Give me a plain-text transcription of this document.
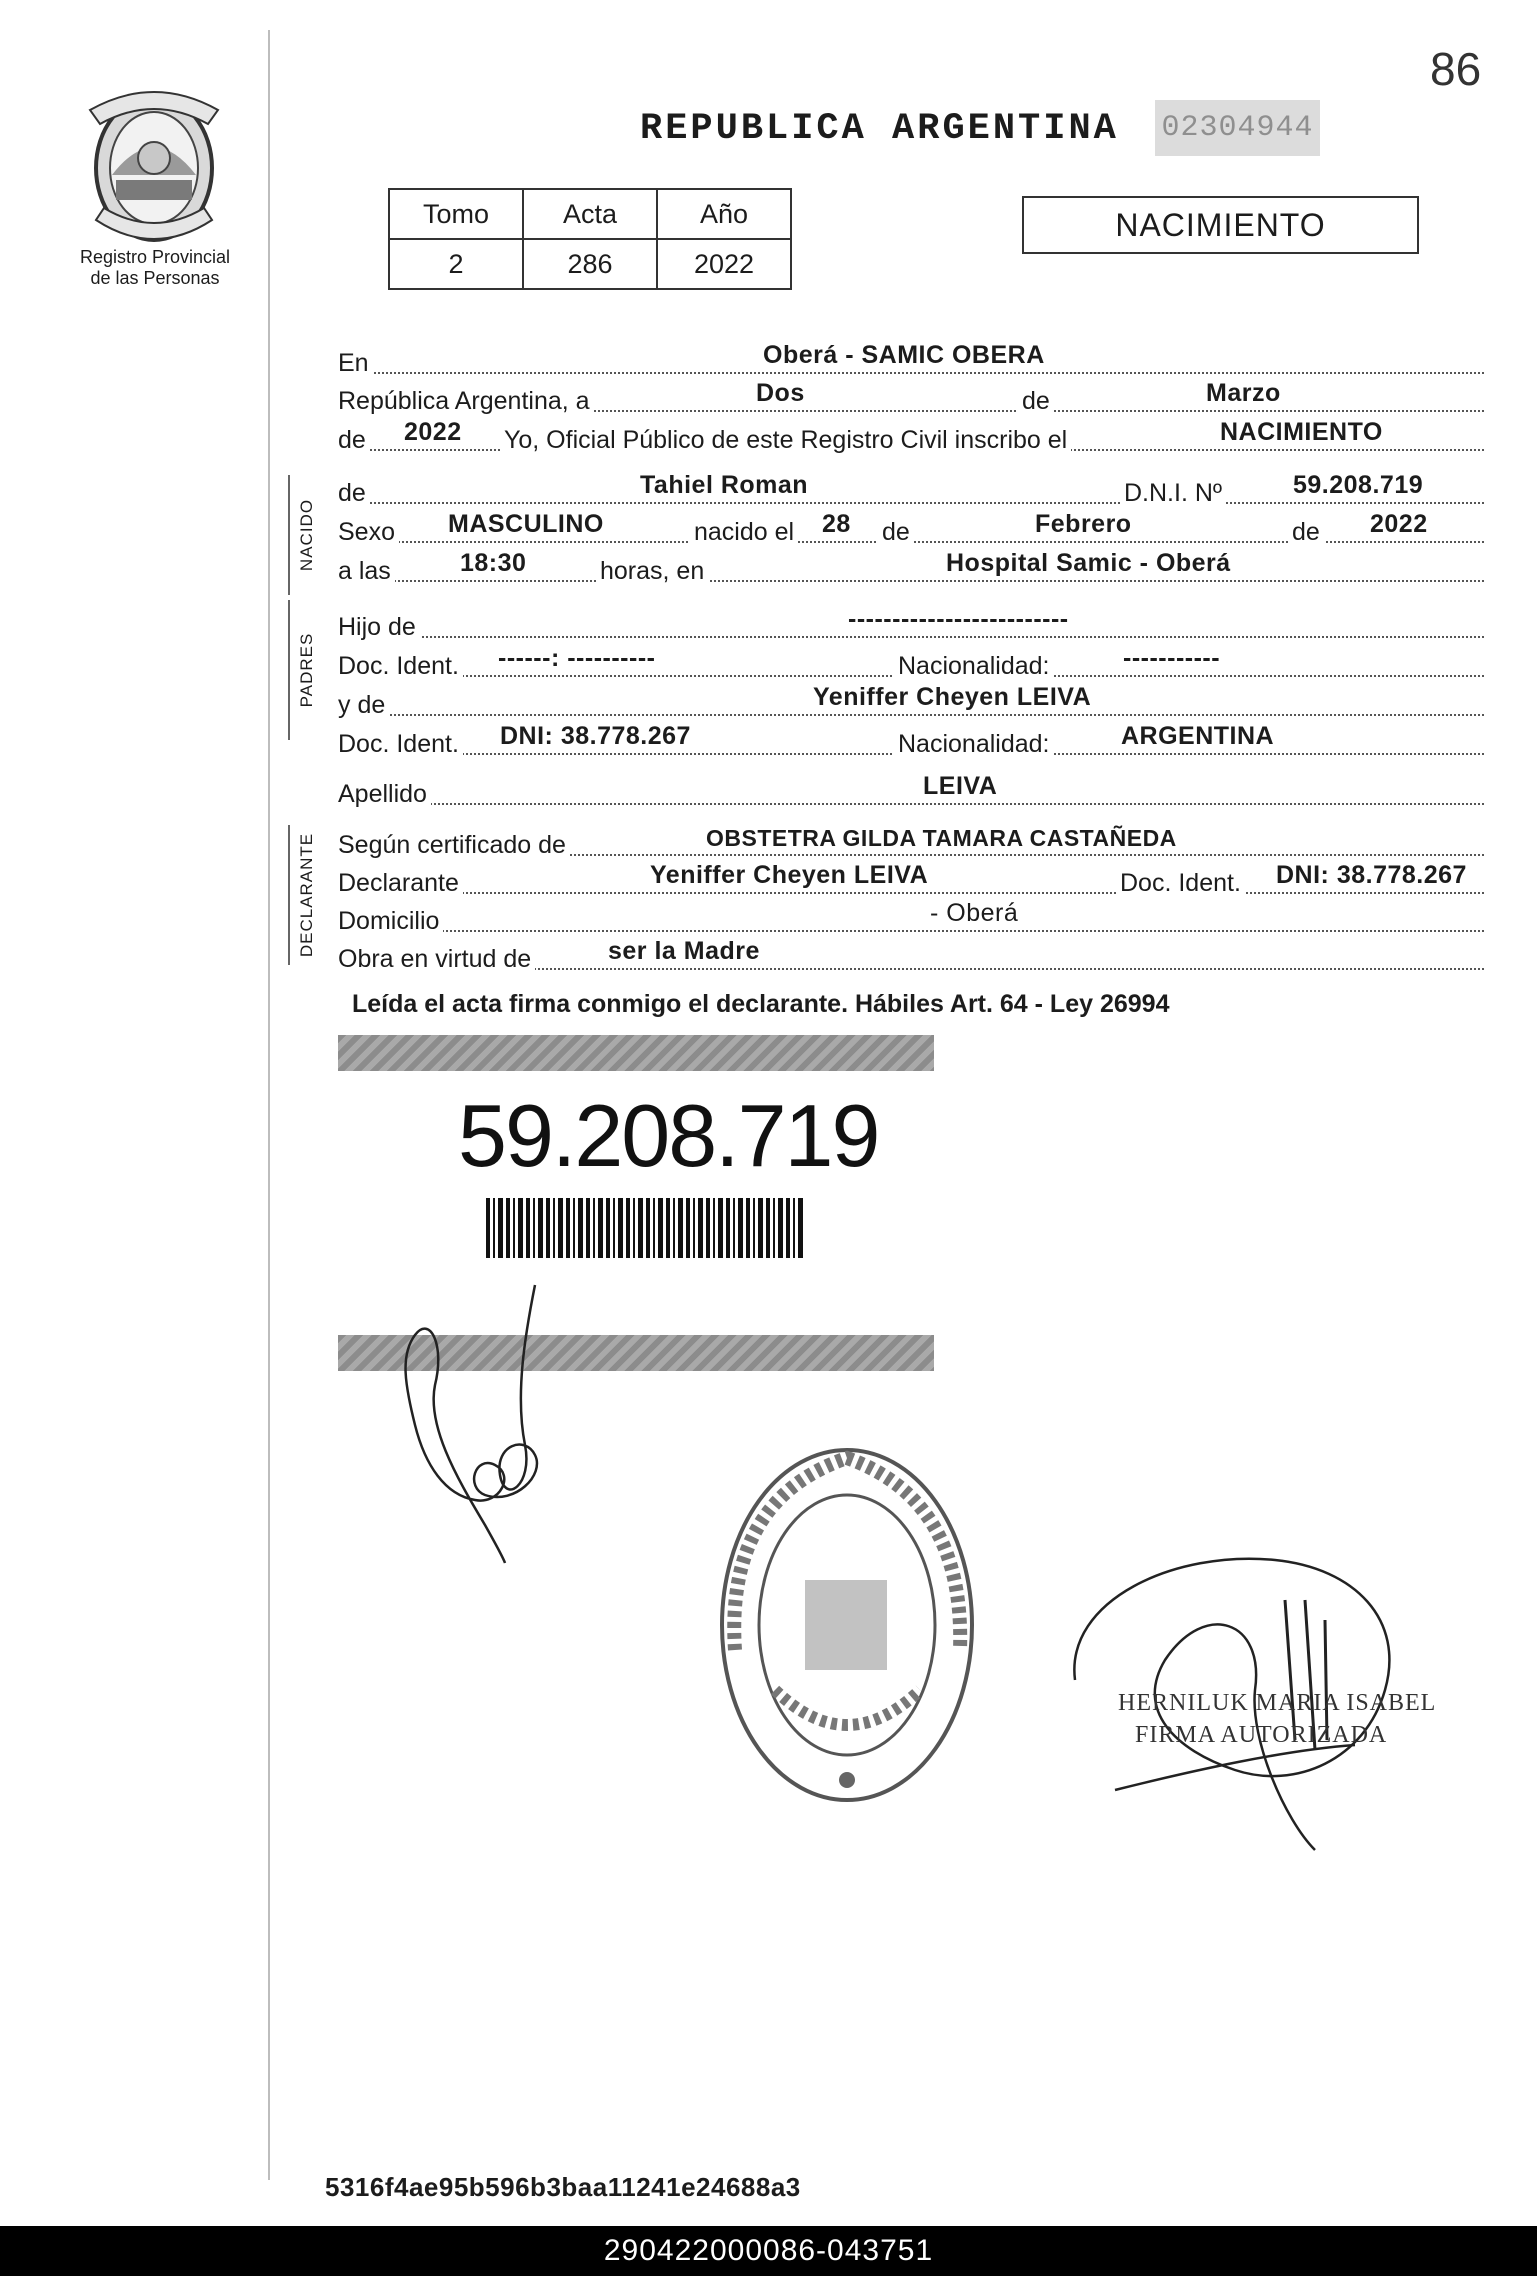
Registro Provincial
de las Personas
86
REPUBLICA ARGENTINA 02304944
Tomo	Acta	Año
2	286	2022
NACIMIENTO
NACIDO
PADRES
DECLARANTE
En	Oberá - SAMIC OBERA
República Argentina, a	Dos	de	Marzo
de 2022 Yo, Oficial Público de este Registro Civil inscribo el	NACIMIENTO
de	Tahiel Roman	D.N.I. Nº	59.208.719
Sexo MASCULINO	nacido el 28 de	Febrero	de 2022
a las	18:30	horas, en	Hospital Samic - Oberá
Hijo de	-------------------------
Doc. Ident. ------: ----------	Nacionalidad:	-----------
y de	Yeniffer Cheyen LEIVA
Doc. Ident. DNI: 38.778.267	Nacionalidad:	ARGENTINA
Apellido	LEIVA
Según certificado de	OBSTETRA GILDA TAMARA CASTAÑEDA
Declarante	Yeniffer Cheyen LEIVA	Doc. Ident. DNI: 38.778.267
Domicilio	- Oberá
Obra en virtud de	ser la Madre
Leída el acta firma conmigo el declarante. Hábiles Art. 64 - Ley 26994
59.208.719
HERNILUK MARIA ISABEL
FIRMA AUTORIZADA
5316f4ae95b596b3baa11241e24688a3
290422000086-043751
